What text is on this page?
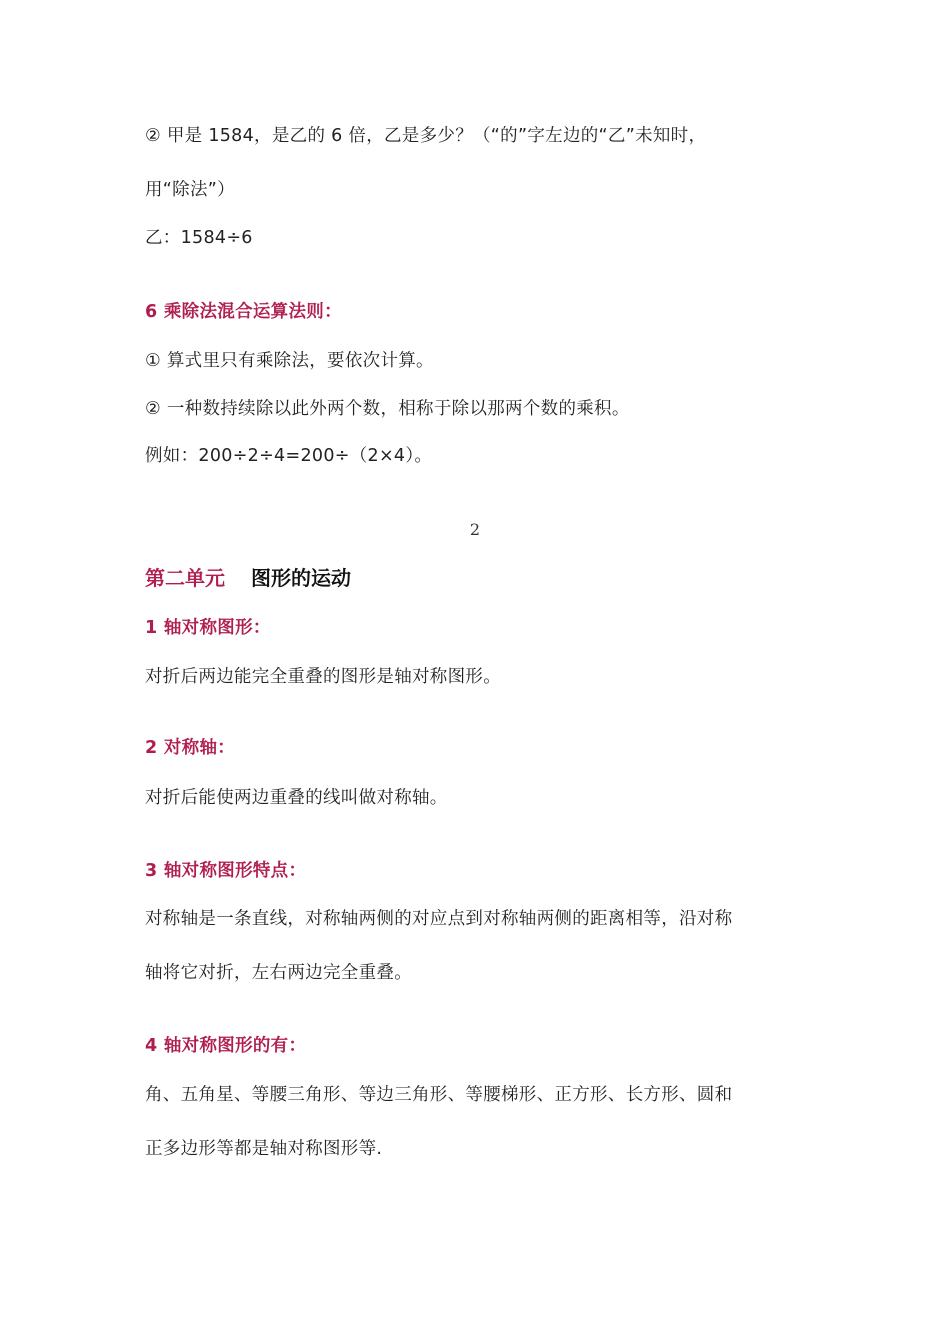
② 甲是 1584，是乙的 6 倍，乙是多少？（“的”字左边的“乙”未知时，
用“除法”）
乙：1584÷6
6 乘除法混合运算法则：
① 算式里只有乘除法，要依次计算。
② 一种数持续除以此外两个数，相称于除以那两个数的乘积。
例如：200÷2÷4=200÷（2×4）。
2
第二单元 图形的运动
1 轴对称图形：
对折后两边能完全重叠的图形是轴对称图形。
2 对称轴：
对折后能使两边重叠的线叫做对称轴。
3 轴对称图形特点：
对称轴是一条直线，对称轴两侧的对应点到对称轴两侧的距离相等，沿对称
轴将它对折，左右两边完全重叠。
4 轴对称图形的有：
角、五角星、等腰三角形、等边三角形、等腰梯形、正方形、长方形、圆和
正多边形等都是轴对称图形等.
